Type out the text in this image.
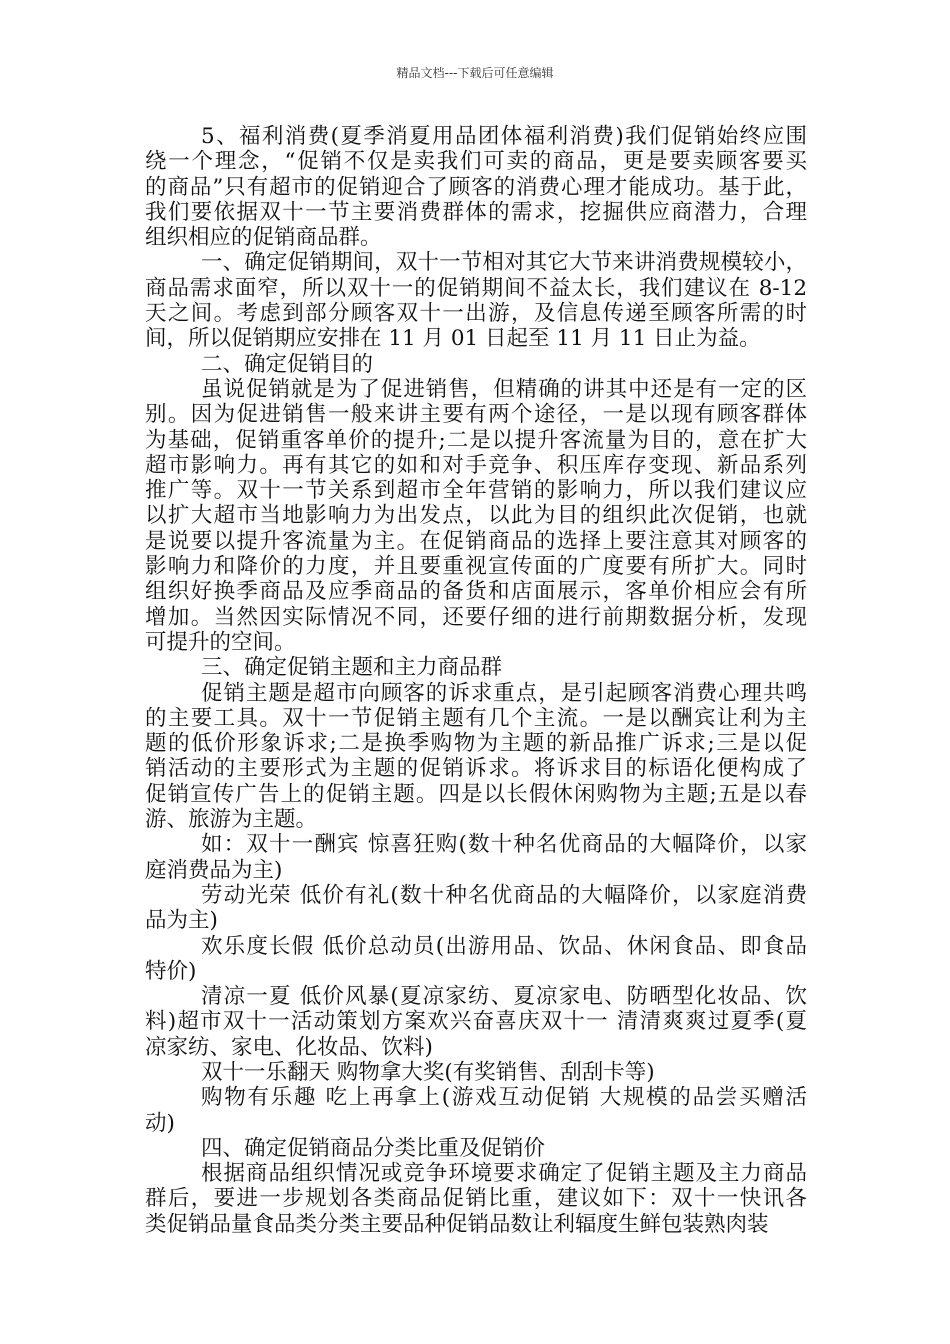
精品文档---下载后可任意编辑
5、福利消费(夏季消夏用品团体福利消费)我们促销始终应围
绕一个理念，“促销不仅是卖我们可卖的商品，更是要卖顾客要买
的商品”只有超市的促销迎合了顾客的消费心理才能成功。基于此，
我们要依据双十一节主要消费群体的需求，挖掘供应商潜力，合理
组织相应的促销商品群。
一、确定促销期间，双十一节相对其它大节来讲消费规模较小，
商品需求面窄，所以双十一的促销期间不益太长，我们建议在 8-12
天之间。考虑到部分顾客双十一出游，及信息传递至顾客所需的时
间，所以促销期应安排在 11 月 01 日起至 11 月 11 日止为益。
二、确定促销目的
虽说促销就是为了促进销售，但精确的讲其中还是有一定的区
别。因为促进销售一般来讲主要有两个途径，一是以现有顾客群体
为基础，促销重客单价的提升;二是以提升客流量为目的，意在扩大
超市影响力。再有其它的如和对手竞争、积压库存变现、新品系列
推广等。双十一节关系到超市全年营销的影响力，所以我们建议应
以扩大超市当地影响力为出发点，以此为目的组织此次促销，也就
是说要以提升客流量为主。在促销商品的选择上要注意其对顾客的
影响力和降价的力度，并且要重视宣传面的广度要有所扩大。同时
组织好换季商品及应季商品的备货和店面展示，客单价相应会有所
增加。当然因实际情况不同，还要仔细的进行前期数据分析，发现
可提升的空间。
三、确定促销主题和主力商品群
促销主题是超市向顾客的诉求重点，是引起顾客消费心理共鸣
的主要工具。双十一节促销主题有几个主流。一是以酬宾让利为主
题的低价形象诉求;二是换季购物为主题的新品推广诉求;三是以促
销活动的主要形式为主题的促销诉求。将诉求目的标语化便构成了
促销宣传广告上的促销主题。四是以长假休闲购物为主题;五是以春
游、旅游为主题。
如：双十一酬宾 惊喜狂购(数十种名优商品的大幅降价，以家
庭消费品为主)
劳动光荣 低价有礼(数十种名优商品的大幅降价，以家庭消费
品为主)
欢乐度长假 低价总动员(出游用品、饮品、休闲食品、即食品
特价)
清凉一夏 低价风暴(夏凉家纺、夏凉家电、防晒型化妆品、饮
料)超市双十一活动策划方案欢兴奋喜庆双十一 清清爽爽过夏季(夏
凉家纺、家电、化妆品、饮料)
双十一乐翻天 购物拿大奖(有奖销售、刮刮卡等)
购物有乐趣 吃上再拿上(游戏互动促销 大规模的品尝买赠活
动)
四、确定促销商品分类比重及促销价
根据商品组织情况或竞争环境要求确定了促销主题及主力商品
群后，要进一步规划各类商品促销比重，建议如下：双十一快讯各
类促销品量食品类分类主要品种促销品数让利辐度生鲜包装熟肉装
